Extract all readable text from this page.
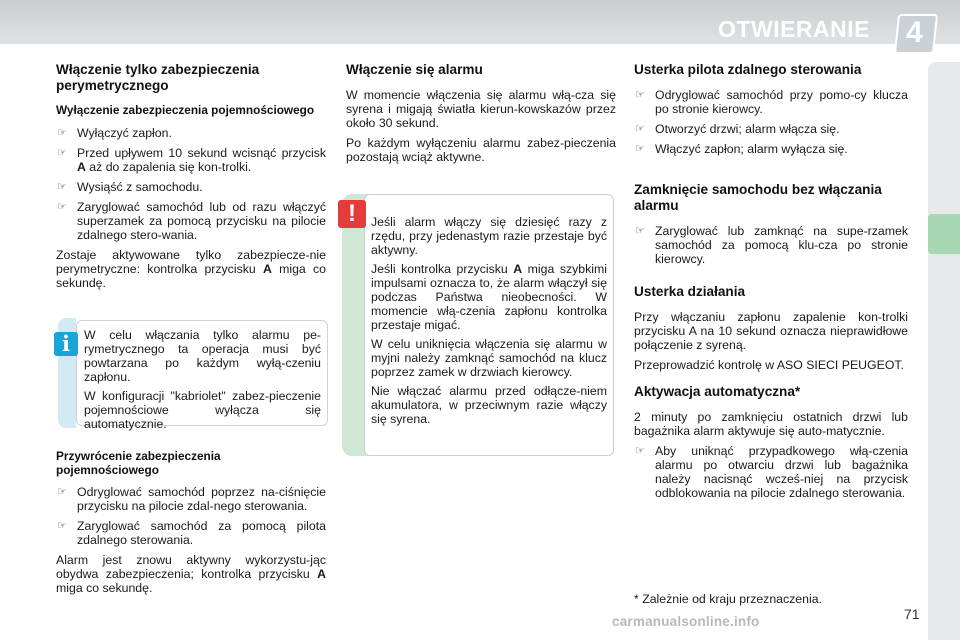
OTWIERANIE 4
Włączenie tylko zabezpieczenia perymetrycznego
Wyłączenie zabezpieczenia pojemnościowego
☞ Wyłączyć zapłon.
☞ Przed upływem 10 sekund wcisnąć przycisk A aż do zapalenia się kon-trolki.
☞ Wysiąść z samochodu.
☞ Zaryglować samochód lub od razu włączyć superzamek za pomocą przycisku na pilocie zdalnego stero-wania.

Zostaje aktywowane tylko zabezpiecze-nie perymetryczne: kontrolka przycisku A miga co sekundę.

W celu włączania tylko alarmu pe-rymetrycznego ta operacja musi być powtarzana po każdym wyłą-czeniu zapłonu.

W konfiguracji "kabriolet" zabez-pieczenie pojemnościowe wyłącza się automatycznie.

i
Przywrócenie zabezpieczenia pojemnościowego
☞ Odryglować samochód poprzez na-ciśnięcie przycisku na pilocie zdal-nego sterowania.
☞ Zaryglować samochód za pomocą pilota zdalnego sterowania.

Alarm jest znowu aktywny wykorzystu-jąc obydwa zabezpieczenia; kontrolka przycisku A miga co sekundę.

Włączenie się alarmu

W momencie włączenia się alarmu włą-cza się syrena i migają światła kierun-kowskazów przez około 30 sekund.

Po każdym wyłączeniu alarmu zabez-pieczenia pozostają wciąż aktywne.

Jeśli alarm włączy się dziesięć razy z rzędu, przy jedenastym razie przestaje być aktywny.

Jeśli kontrolka przycisku A miga szybkimi impulsami oznacza to, że alarm włączył się podczas Państwa nieobecności. W momencie włą-czenia zapłonu kontrolka przestaje migać.

W celu uniknięcia włączenia się alarmu w myjni należy zamknąć samochód na klucz poprzez zamek w drzwiach kierowcy.

Nie włączać alarmu przed odłącze-niem akumulatora, w przeciwnym razie włączy się syrena.

!
Usterka pilota zdalnego sterowania
☞ Odryglować samochód przy pomo-cy klucza po stronie kierowcy.
☞ Otworzyć drzwi; alarm włącza się.
☞ Włączyć zapłon; alarm wyłącza się.
Zamknięcie samochodu bez włączania alarmu
☞ Zaryglować lub zamknąć na supe-rzamek samochód za pomocą klu-cza po stronie kierowcy.
Usterka działania

Przy włączaniu zapłonu zapalenie kon-trolki przycisku A na 10 sekund oznacza nieprawidłowe połączenie z syreną.

Przeprowadzić kontrolę w ASO SIECI PEUGEOT.

Aktywacja automatyczna*

2 minuty po zamknięciu ostatnich drzwi lub bagażnika alarm aktywuje się auto-matycznie.

☞ Aby uniknąć przypadkowego włą-czenia alarmu po otwarciu drzwi lub bagażnika należy nacisnąć wcześ-niej na przycisk odblokowania na pilocie zdalnego sterowania.
* Zależnie od kraju przeznaczenia.
carmanualsonline.info	71
